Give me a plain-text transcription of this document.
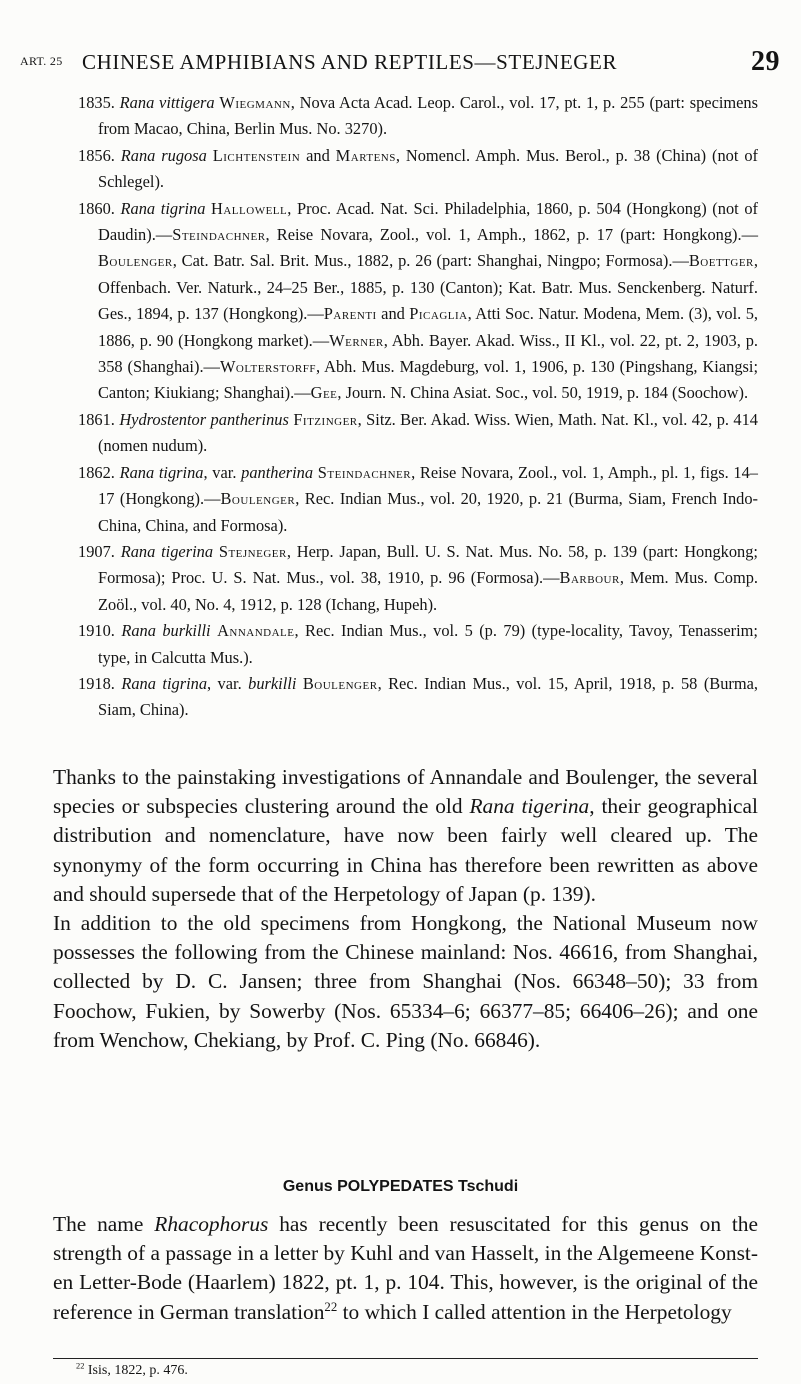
ART. 25 CHINESE AMPHIBIANS AND REPTILES—STEJNEGER	29

1835. Rana vittigera Wiegmann, Nova Acta Acad. Leop. Carol., vol. 17, pt. 1, p. 255 (part: specimens from Macao, China, Berlin Mus. No. 3270).

1856. Rana rugosa Lichtenstein and Martens, Nomencl. Amph. Mus. Berol., p. 38 (China) (not of Schlegel).

1860. Rana tigrina Hallowell, Proc. Acad. Nat. Sci. Philadelphia, 1860, p. 504 (Hongkong) (not of Daudin).—Steindachner, Reise Novara, Zool., vol. 1, Amph., 1862, p. 17 (part: Hongkong).—Boulenger, Cat. Batr. Sal. Brit. Mus., 1882, p. 26 (part: Shanghai, Ningpo; Formosa).—Boettger, Offenbach. Ver. Naturk., 24–25 Ber., 1885, p. 130 (Canton); Kat. Batr. Mus. Senckenberg. Naturf. Ges., 1894, p. 137 (Hongkong).—Parenti and Picaglia, Atti Soc. Natur. Modena, Mem. (3), vol. 5, 1886, p. 90 (Hongkong market).—Werner, Abh. Bayer. Akad. Wiss., II Kl., vol. 22, pt. 2, 1903, p. 358 (Shanghai).—Wolterstorff, Abh. Mus. Magdeburg, vol. 1, 1906, p. 130 (Pingshang, Kiangsi; Canton; Kiukiang; Shanghai).—Gee, Journ. N. China Asiat. Soc., vol. 50, 1919, p. 184 (Soochow).

1861. Hydrostentor pantherinus Fitzinger, Sitz. Ber. Akad. Wiss. Wien, Math. Nat. Kl., vol. 42, p. 414 (nomen nudum).

1862. Rana tigrina, var. pantherina Steindachner, Reise Novara, Zool., vol. 1, Amph., pl. 1, figs. 14–17 (Hongkong).—Boulenger, Rec. Indian Mus., vol. 20, 1920, p. 21 (Burma, Siam, French Indo-China, China, and Formosa).

1907. Rana tigerina Stejneger, Herp. Japan, Bull. U. S. Nat. Mus. No. 58, p. 139 (part: Hongkong; Formosa); Proc. U. S. Nat. Mus., vol. 38, 1910, p. 96 (Formosa).—Barbour, Mem. Mus. Comp. Zoöl., vol. 40, No. 4, 1912, p. 128 (Ichang, Hupeh).

1910. Rana burkilli Annandale, Rec. Indian Mus., vol. 5 (p. 79) (type-locality, Tavoy, Tenasserim; type, in Calcutta Mus.).

1918. Rana tigrina, var. burkilli Boulenger, Rec. Indian Mus., vol. 15, April, 1918, p. 58 (Burma, Siam, China).

Thanks to the painstaking investigations of Annandale and Boulenger, the several species or subspecies clustering around the old Rana tigerina, their geographical distribution and nomenclature, have now been fairly well cleared up. The synonymy of the form occurring in China has therefore been rewritten as above and should supersede that of the Herpetology of Japan (p. 139).

In addition to the old specimens from Hongkong, the National Museum now possesses the following from the Chinese mainland: Nos. 46616, from Shanghai, collected by D. C. Jansen; three from Shanghai (Nos. 66348–50); 33 from Foochow, Fukien, by Sowerby (Nos. 65334–6; 66377–85; 66406–26); and one from Wenchow, Chekiang, by Prof. C. Ping (No. 66846).

Genus POLYPEDATES Tschudi

The name Rhacophorus has recently been resuscitated for this genus on the strength of a passage in a letter by Kuhl and van Hasselt, in the Algemeene Konst- en Letter-Bode (Haarlem) 1822, pt. 1, p. 104. This, however, is the original of the reference in German translation$^{22}$ to which I called attention in the Herpetology

$^{22}$ Isis, 1822, p. 476.
